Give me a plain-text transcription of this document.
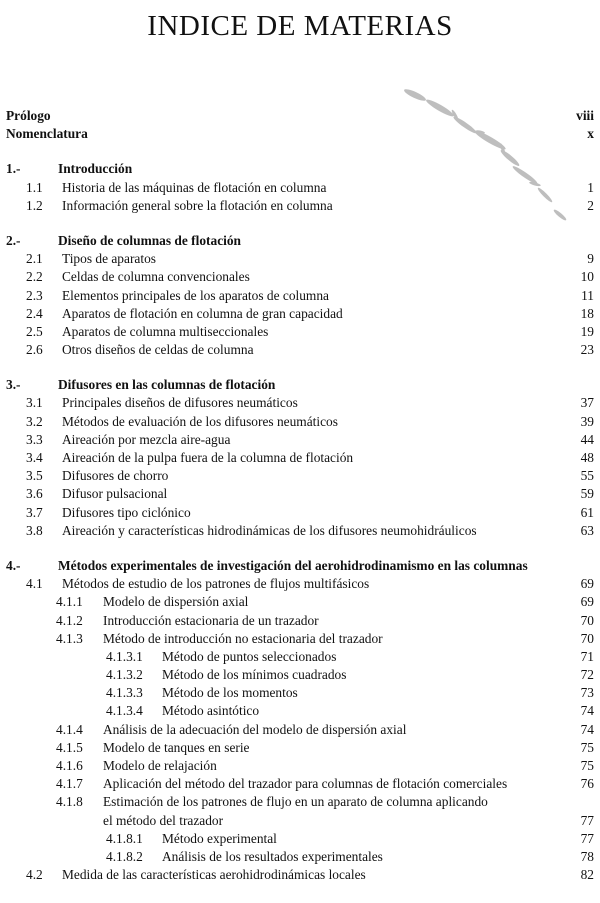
INDICE DE MATERIAS
Prólogo	viii
Nomenclatura	x
1.-	Introducción
1.1	Historia de las máquinas de flotación en columna	1
1.2	Información general sobre la flotación en columna	2
2.-	Diseño de columnas de flotación
2.1	Tipos de aparatos	9
2.2	Celdas de columna convencionales	10
2.3	Elementos principales de los aparatos de columna	11
2.4	Aparatos de flotación en columna de gran capacidad	18
2.5	Aparatos de columna multiseccionales	19
2.6	Otros diseños de celdas de columna	23
3.-	Difusores en las columnas de flotación
3.1	Principales diseños de difusores neumáticos	37
3.2	Métodos de evaluación de los difusores neumáticos	39
3.3	Aireación por mezcla aire-agua	44
3.4	Aireación de la pulpa fuera de la columna de flotación	48
3.5	Difusores de chorro	55
3.6	Difusor pulsacional	59
3.7	Difusores tipo ciclónico	61
3.8	Aireación y características hidrodinámicas de los difusores neumohidráulicos	63
4.-	Métodos experimentales de investigación del aerohidrodinamismo en las columnas
4.1	Métodos de estudio de los patrones de flujos multifásicos	69
4.1.1	Modelo de dispersión axial	69
4.1.2	Introducción estacionaria de un trazador	70
4.1.3	Método de introducción no estacionaria del trazador	70
4.1.3.1	Método de puntos seleccionados	71
4.1.3.2	Método de los mínimos cuadrados	72
4.1.3.3	Método de los momentos	73
4.1.3.4	Método asintótico	74
4.1.4	Análisis de la adecuación del modelo de dispersión axial	74
4.1.5	Modelo de tanques en serie	75
4.1.6	Modelo de relajación	75
4.1.7	Aplicación del método del trazador para columnas de flotación comerciales	76
4.1.8	Estimación de los patrones de flujo en un aparato de columna aplicando
el método del trazador	77
4.1.8.1	Método experimental	77
4.1.8.2	Análisis de los resultados experimentales	78
4.2	Medida de las características aerohidrodinámicas locales	82
